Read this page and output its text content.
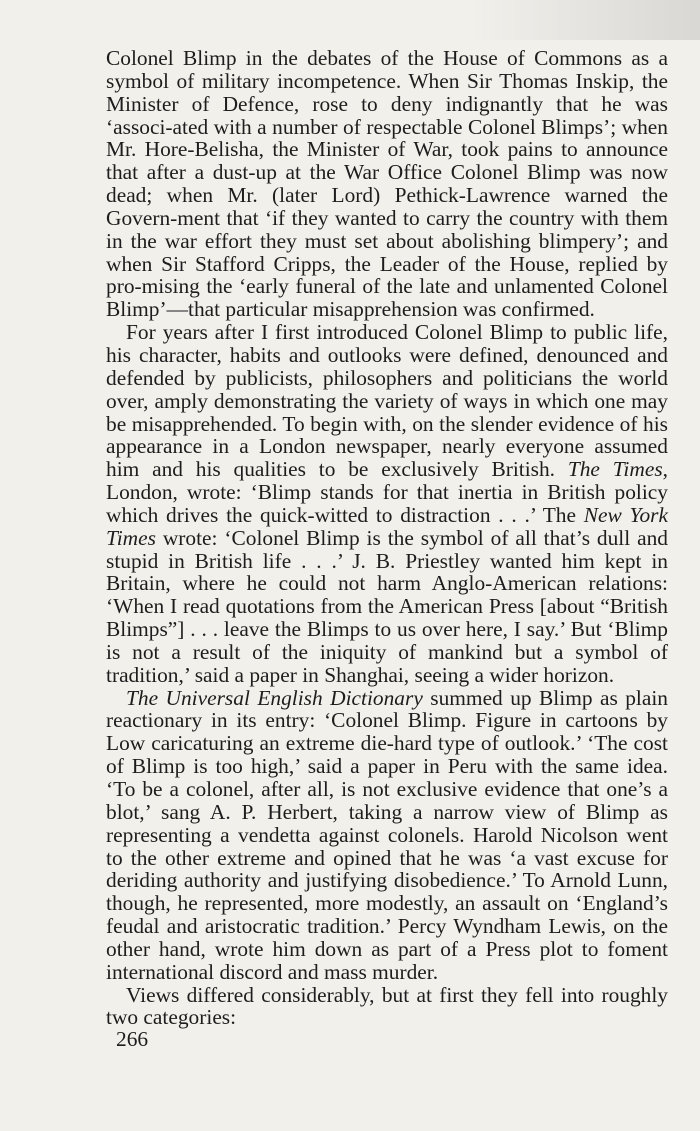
Colonel Blimp in the debates of the House of Commons as a symbol of military incompetence. When Sir Thomas Inskip, the Minister of Defence, rose to deny indignantly that he was ‘associ-ated with a number of respectable Colonel Blimps’; when Mr. Hore-Belisha, the Minister of War, took pains to announce that after a dust-up at the War Office Colonel Blimp was now dead; when Mr. (later Lord) Pethick-Lawrence warned the Govern-ment that ‘if they wanted to carry the country with them in the war effort they must set about abolishing blimpery’; and when Sir Stafford Cripps, the Leader of the House, replied by pro-mising the ‘early funeral of the late and unlamented Colonel Blimp’—that particular misapprehension was confirmed.

For years after I first introduced Colonel Blimp to public life, his character, habits and outlooks were defined, denounced and defended by publicists, philosophers and politicians the world over, amply demonstrating the variety of ways in which one may be misapprehended. To begin with, on the slender evidence of his appearance in a London newspaper, nearly everyone assumed him and his qualities to be exclusively British. The Times, London, wrote: ‘Blimp stands for that inertia in British policy which drives the quick-witted to distraction . . .’ The New York Times wrote: ‘Colonel Blimp is the symbol of all that’s dull and stupid in British life . . .’ J. B. Priestley wanted him kept in Britain, where he could not harm Anglo-American relations: ‘When I read quotations from the American Press [about “British Blimps”] . . . leave the Blimps to us over here, I say.’ But ‘Blimp is not a result of the iniquity of mankind but a symbol of tradition,’ said a paper in Shanghai, seeing a wider horizon.

The Universal English Dictionary summed up Blimp as plain reactionary in its entry: ‘Colonel Blimp. Figure in cartoons by Low caricaturing an extreme die-hard type of outlook.’ ‘The cost of Blimp is too high,’ said a paper in Peru with the same idea. ‘To be a colonel, after all, is not exclusive evidence that one’s a blot,’ sang A. P. Herbert, taking a narrow view of Blimp as representing a vendetta against colonels. Harold Nicolson went to the other extreme and opined that he was ‘a vast excuse for deriding authority and justifying disobedience.’ To Arnold Lunn, though, he represented, more modestly, an assault on ‘England’s feudal and aristocratic tradition.’ Percy Wyndham Lewis, on the other hand, wrote him down as part of a Press plot to foment international discord and mass murder.

Views differed considerably, but at first they fell into roughly two categories:

266
